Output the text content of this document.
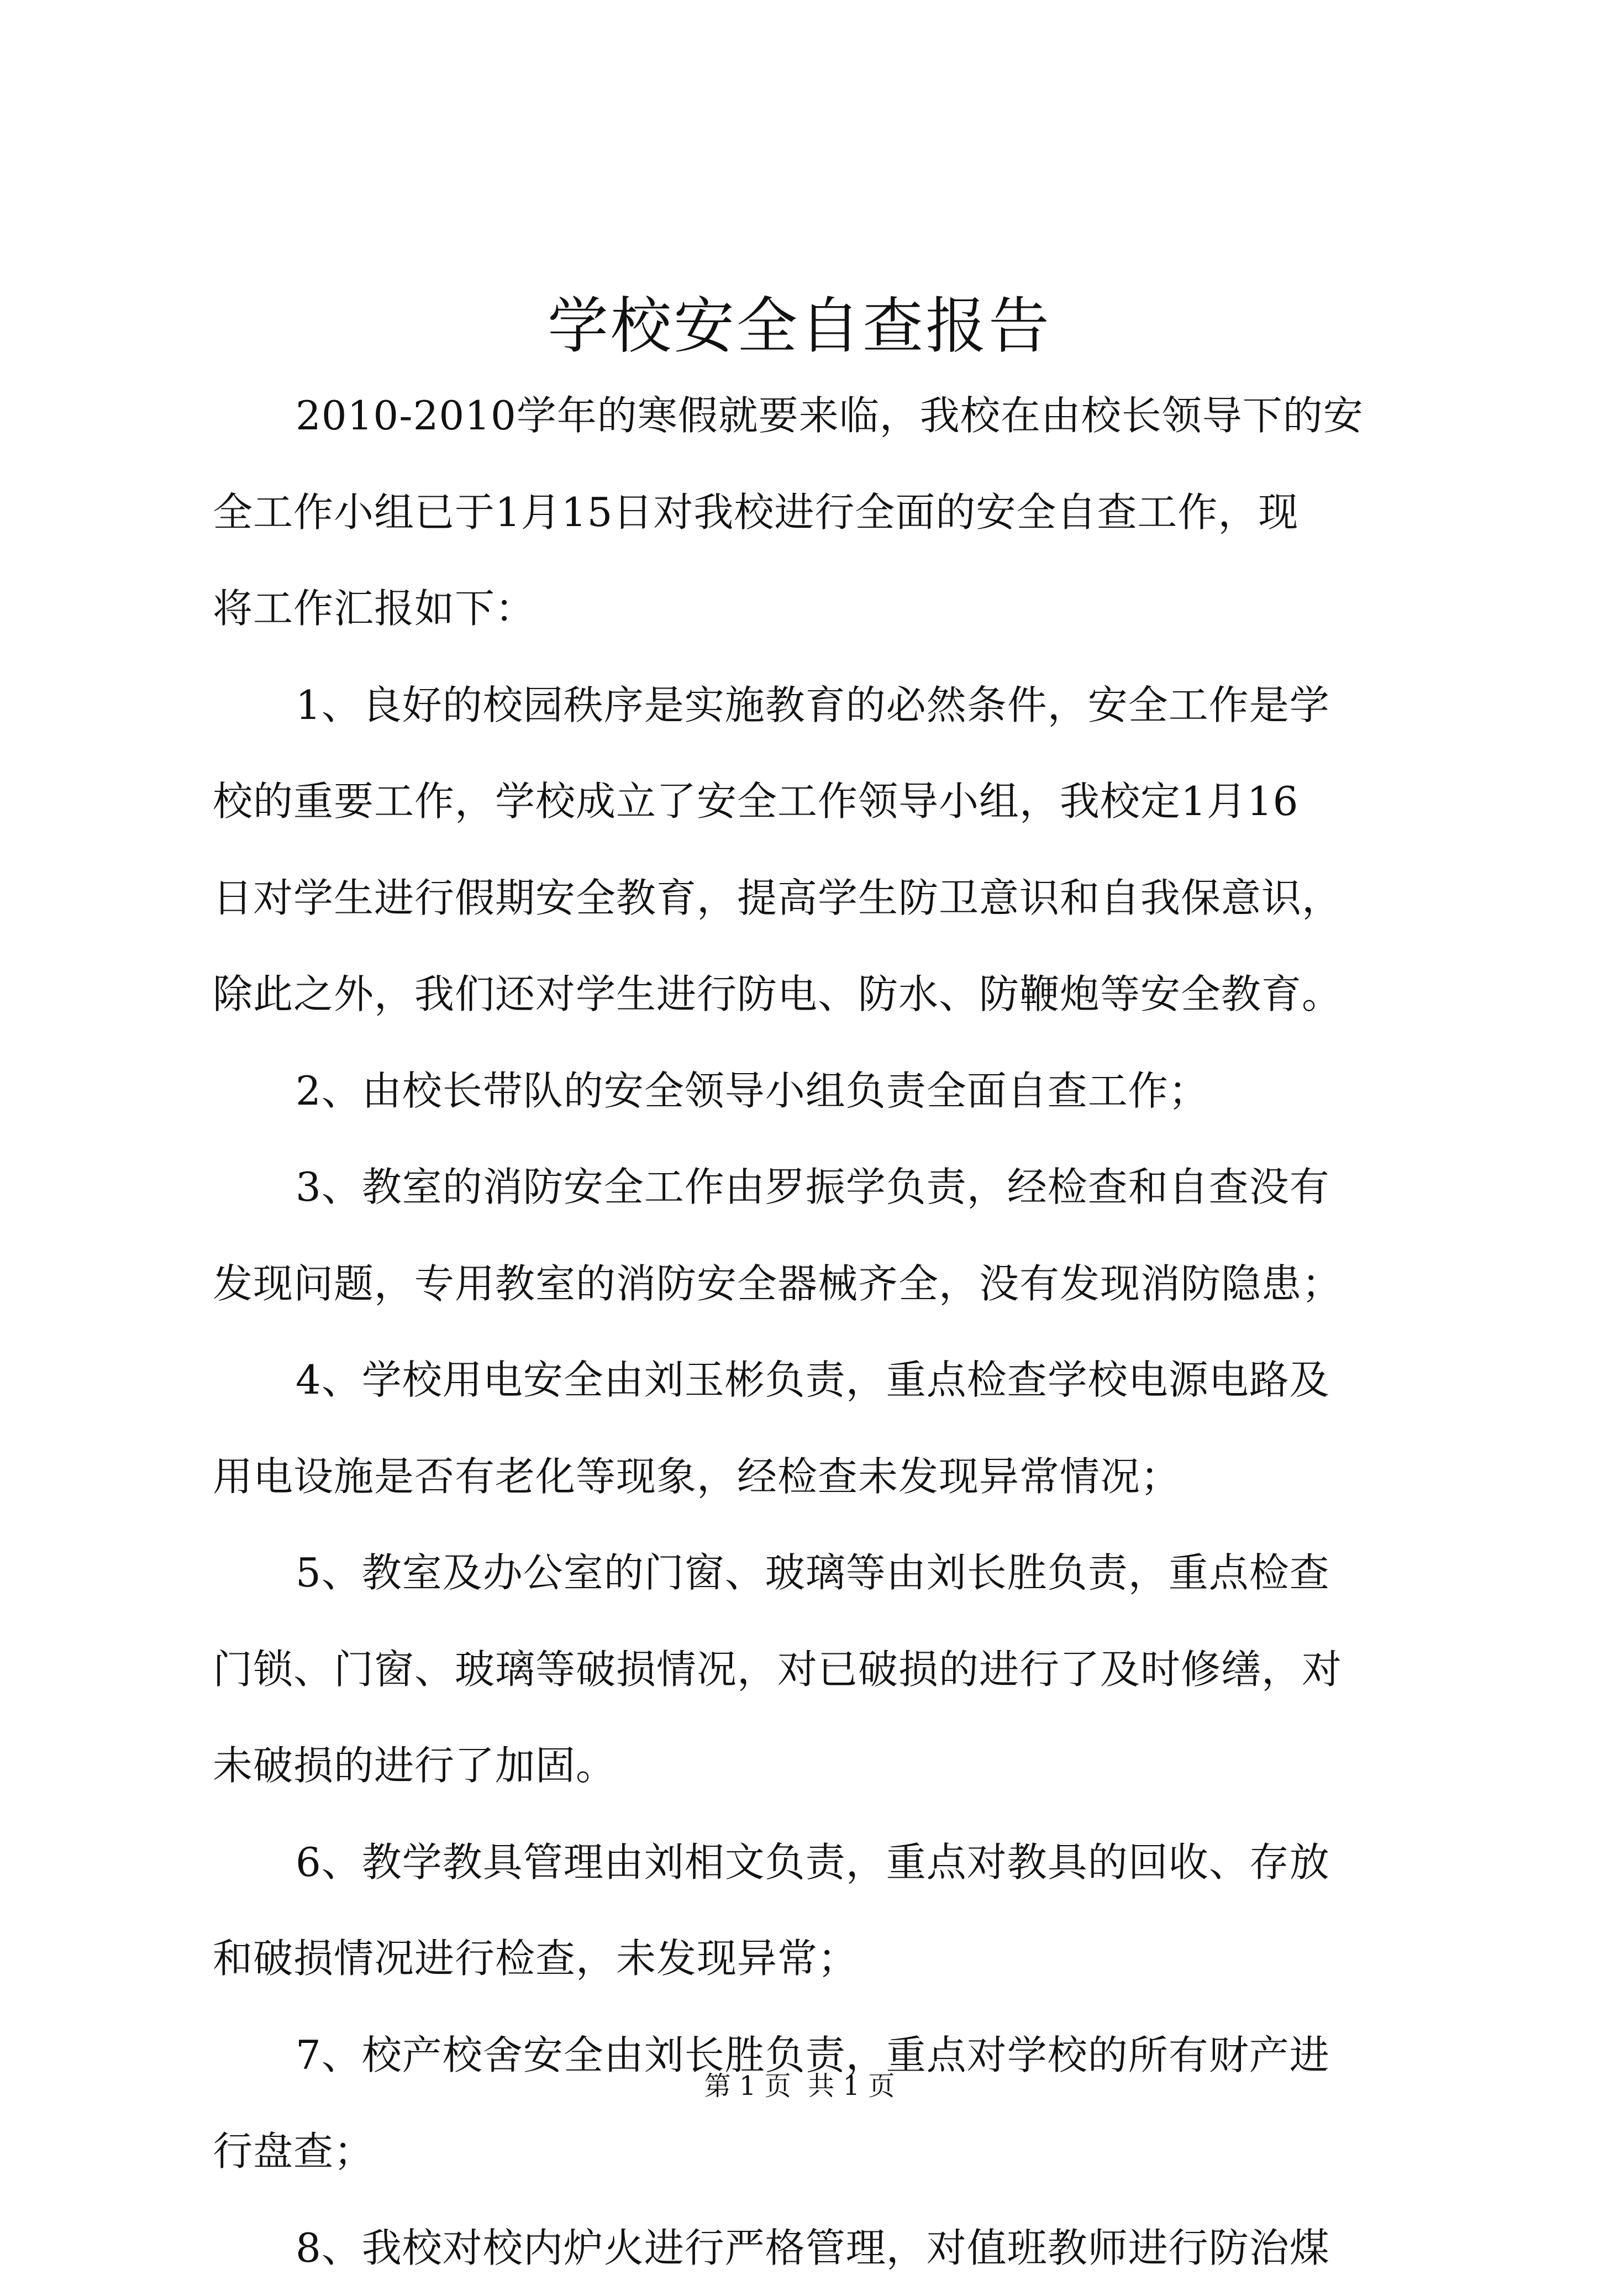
学校安全自查报告

2010-2010学年的寒假就要来临，我校在由校长领导下的安

全工作小组已于1月15日对我校进行全面的安全自查工作，现

将工作汇报如下：

1、良好的校园秩序是实施教育的必然条件，安全工作是学

校的重要工作，学校成立了安全工作领导小组，我校定1月16

日对学生进行假期安全教育，提高学生防卫意识和自我保意识，

除此之外，我们还对学生进行防电、防水、防鞭炮等安全教育。

2、由校长带队的安全领导小组负责全面自查工作；

3、教室的消防安全工作由罗振学负责，经检查和自查没有

发现问题，专用教室的消防安全器械齐全，没有发现消防隐患；

4、学校用电安全由刘玉彬负责，重点检查学校电源电路及

用电设施是否有老化等现象，经检查未发现异常情况；

5、教室及办公室的门窗、玻璃等由刘长胜负责，重点检查

门锁、门窗、玻璃等破损情况，对已破损的进行了及时修缮，对

未破损的进行了加固。

6、教学教具管理由刘相文负责，重点对教具的回收、存放

和破损情况进行检查，未发现异常；

7、校产校舍安全由刘长胜负责，重点对学校的所有财产进

行盘查；

8、我校对校内炉火进行严格管理，对值班教师进行防治煤

第 1 页  共 1 页
